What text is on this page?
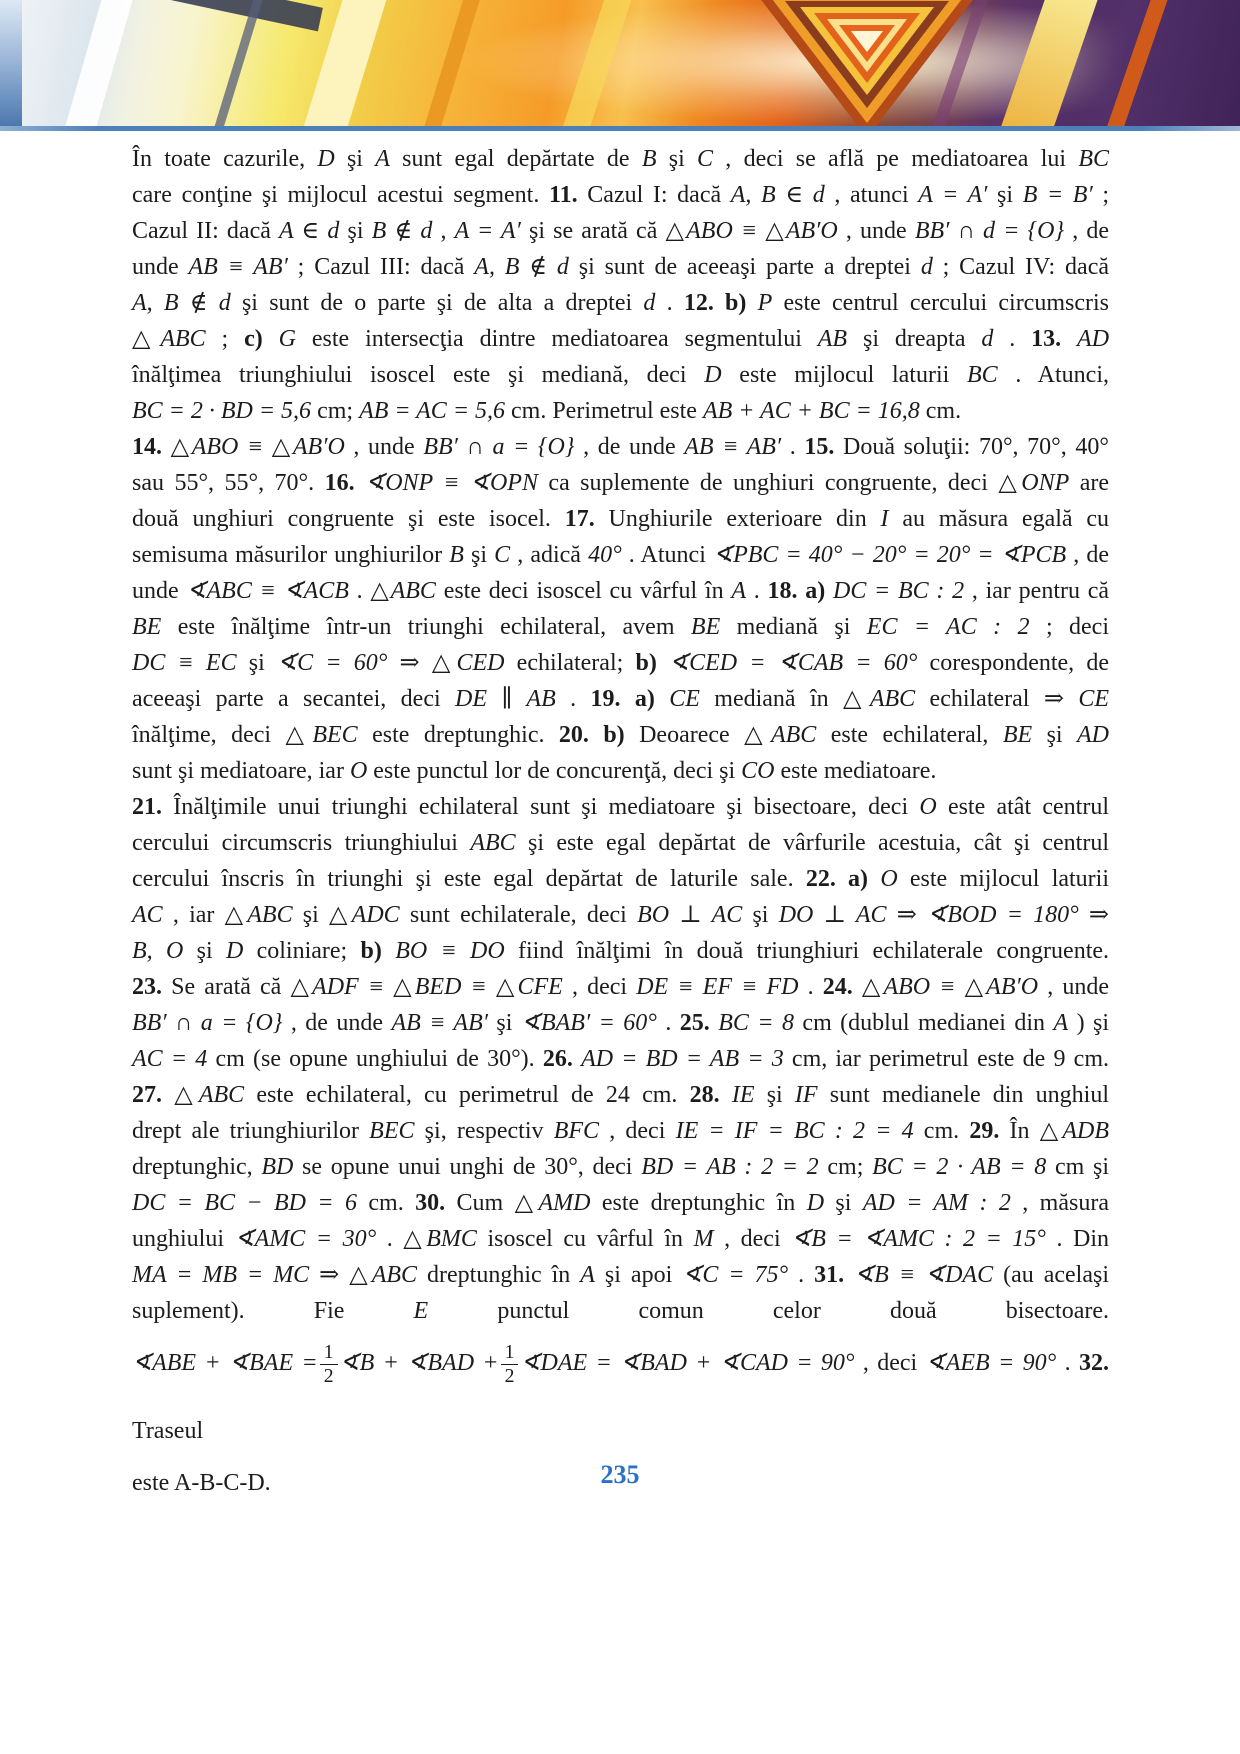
În toate cazurile, D şi A sunt egal depărtate de B şi C , deci se află pe mediatoarea lui BC
care conţine şi mijlocul acestui segment. 11. Cazul I: dacă A, B ∈ d , atunci A = A′ şi B = B′ ;
Cazul II: dacă A ∈ d şi B ∉ d , A = A′ şi se arată că △ABO ≡ △AB′O , unde BB′ ∩ d = {O} , de
unde AB ≡ AB′ ; Cazul III: dacă A, B ∉ d şi sunt de aceeaşi parte a dreptei d ; Cazul IV: dacă
A, B ∉ d şi sunt de o parte şi de alta a dreptei d . 12. b) P este centrul cercului circumscris
△ABC ; c) G este intersecţia dintre mediatoarea segmentului AB şi dreapta d . 13. AD
înălţimea triunghiului isoscel este şi mediană, deci D este mijlocul laturii BC . Atunci,
BC = 2 · BD = 5,6 cm; AB = AC = 5,6 cm. Perimetrul este AB + AC + BC = 16,8 cm.
14. △ABO ≡ △AB′O , unde BB′ ∩ a = {O} , de unde AB ≡ AB′ . 15. Două soluţii: 70°, 70°, 40°
sau 55°, 55°, 70°. 16. ∢ONP ≡ ∢OPN ca suplemente de unghiuri congruente, deci △ONP are
două unghiuri congruente şi este isocel. 17. Unghiurile exterioare din I au măsura egală cu
semisuma măsurilor unghiurilor B şi C , adică 40° . Atunci ∢PBC = 40° − 20° = 20° = ∢PCB , de
unde ∢ABC ≡ ∢ACB . △ABC este deci isoscel cu vârful în A . 18. a) DC = BC : 2 , iar pentru că
BE este înălţime într-un triunghi echilateral, avem BE mediană şi EC = AC : 2 ; deci
DC ≡ EC şi ∢C = 60° ⇒ △CED echilateral; b) ∢CED = ∢CAB = 60° corespondente, de
aceeaşi parte a secantei, deci DE ∥ AB . 19. a) CE mediană în △ABC echilateral ⇒ CE
înălţime, deci △BEC este dreptunghic. 20. b) Deoarece △ABC este echilateral, BE şi AD
sunt şi mediatoare, iar O este punctul lor de concurenţă, deci şi CO este mediatoare.
21. Înălţimile unui triunghi echilateral sunt şi mediatoare şi bisectoare, deci O este atât centrul
cercului circumscris triunghiului ABC şi este egal depărtat de vârfurile acestuia, cât şi centrul
cercului înscris în triunghi şi este egal depărtat de laturile sale. 22. a) O este mijlocul laturii
AC , iar △ABC şi △ADC sunt echilaterale, deci BO ⊥ AC şi DO ⊥ AC ⇒ ∢BOD = 180° ⇒
B, O şi D coliniare; b) BO ≡ DO fiind înălţimi în două triunghiuri echilaterale congruente.
23. Se arată că △ADF ≡ △BED ≡ △CFE , deci DE ≡ EF ≡ FD . 24. △ABO ≡ △AB′O , unde
BB′ ∩ a = {O} , de unde AB ≡ AB′ şi ∢BAB′ = 60° . 25. BC = 8 cm (dublul medianei din A ) şi
AC = 4 cm (se opune unghiului de 30°). 26. AD = BD = AB = 3 cm, iar perimetrul este de 9 cm.
27. △ABC este echilateral, cu perimetrul de 24 cm. 28. IE şi IF sunt medianele din unghiul
drept ale triunghiurilor BEC şi, respectiv BFC , deci IE = IF = BC : 2 = 4 cm. 29. În △ADB
dreptunghic, BD se opune unui unghi de 30°, deci BD = AB : 2 = 2 cm; BC = 2 · AB = 8 cm şi
DC = BC − BD = 6 cm. 30. Cum △AMD este dreptunghic în D şi AD = AM : 2 , măsura
unghiului ∢AMC = 30° . △BMC isoscel cu vârful în M , deci ∢B = ∢AMC : 2 = 15° . Din
MA = MB = MC ⇒ △ABC dreptunghic în A şi apoi ∢C = 75° . 31. ∢B ≡ ∢DAC (au acelaşi
suplement). Fie E punctul comun celor două bisectoare.
∢ABE + ∢BAE = $\frac{1}{2}$ ∢B + ∢BAD + $\frac{1}{2}$ ∢DAE = ∢BAD + ∢CAD = 90° , deci ∢AEB = 90° . 32. Traseul
este A-B-C-D.	235
